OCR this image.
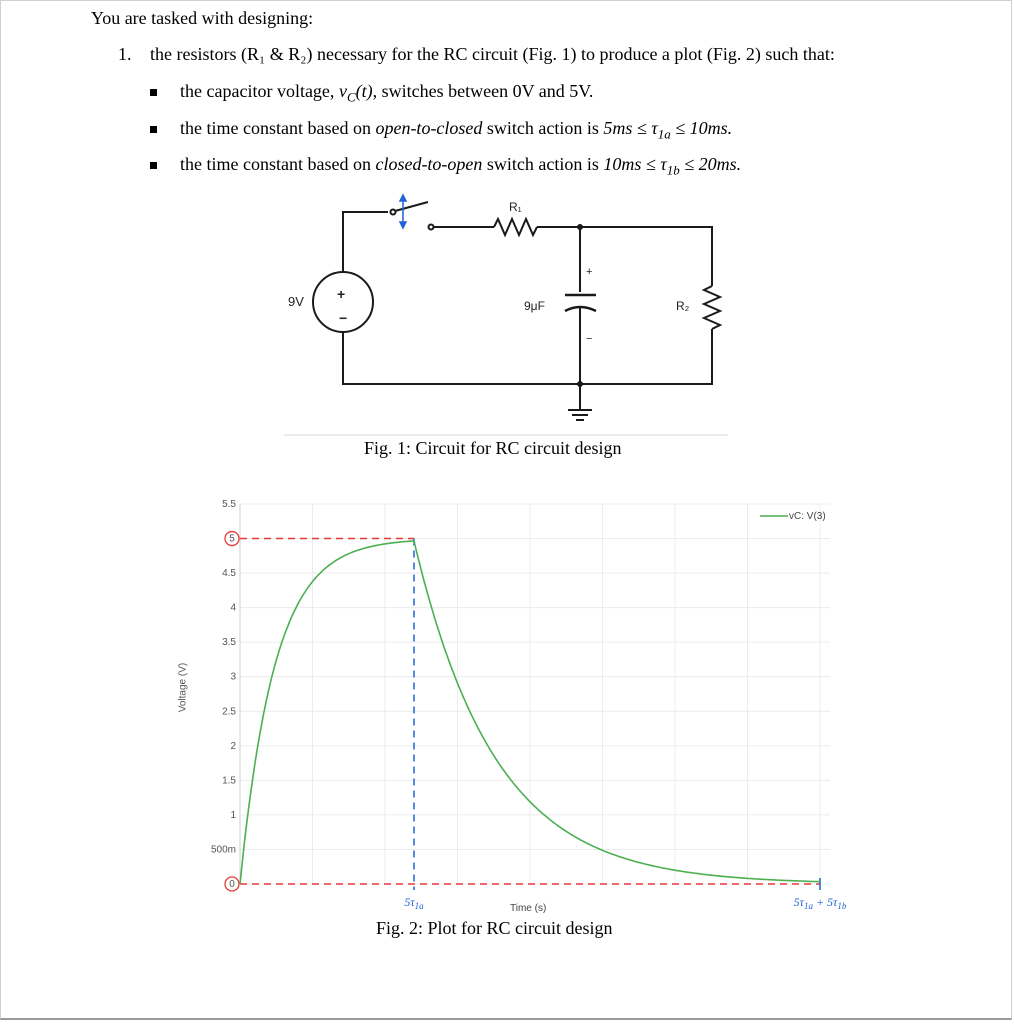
You are tasked with designing:
1. the resistors (R₁ & R₂) necessary for the RC circuit (Fig. 1) to produce a plot (Fig. 2) such that:
the capacitor voltage, $v_C(t)$, switches between 0V and 5V.
the time constant based on open-to-closed switch action is $5ms \le \tau_{1a} \le 10ms$.
the time constant based on closed-to-open switch action is $10ms \le \tau_{1b} \le 20ms$.
R₁
R₂
9μF
+
−
9V +
−
Fig. 1: Circuit for RC circuit design
5.5
5
4.5
4
3.5
3
2.5
2
1.5
1
500m
0
$5\tau_{1a}$	$5\tau_{1a} + 5\tau_{1b}$
vC: V(3)
Time (s)
Voltage (V)
Fig. 2: Plot for RC circuit design
